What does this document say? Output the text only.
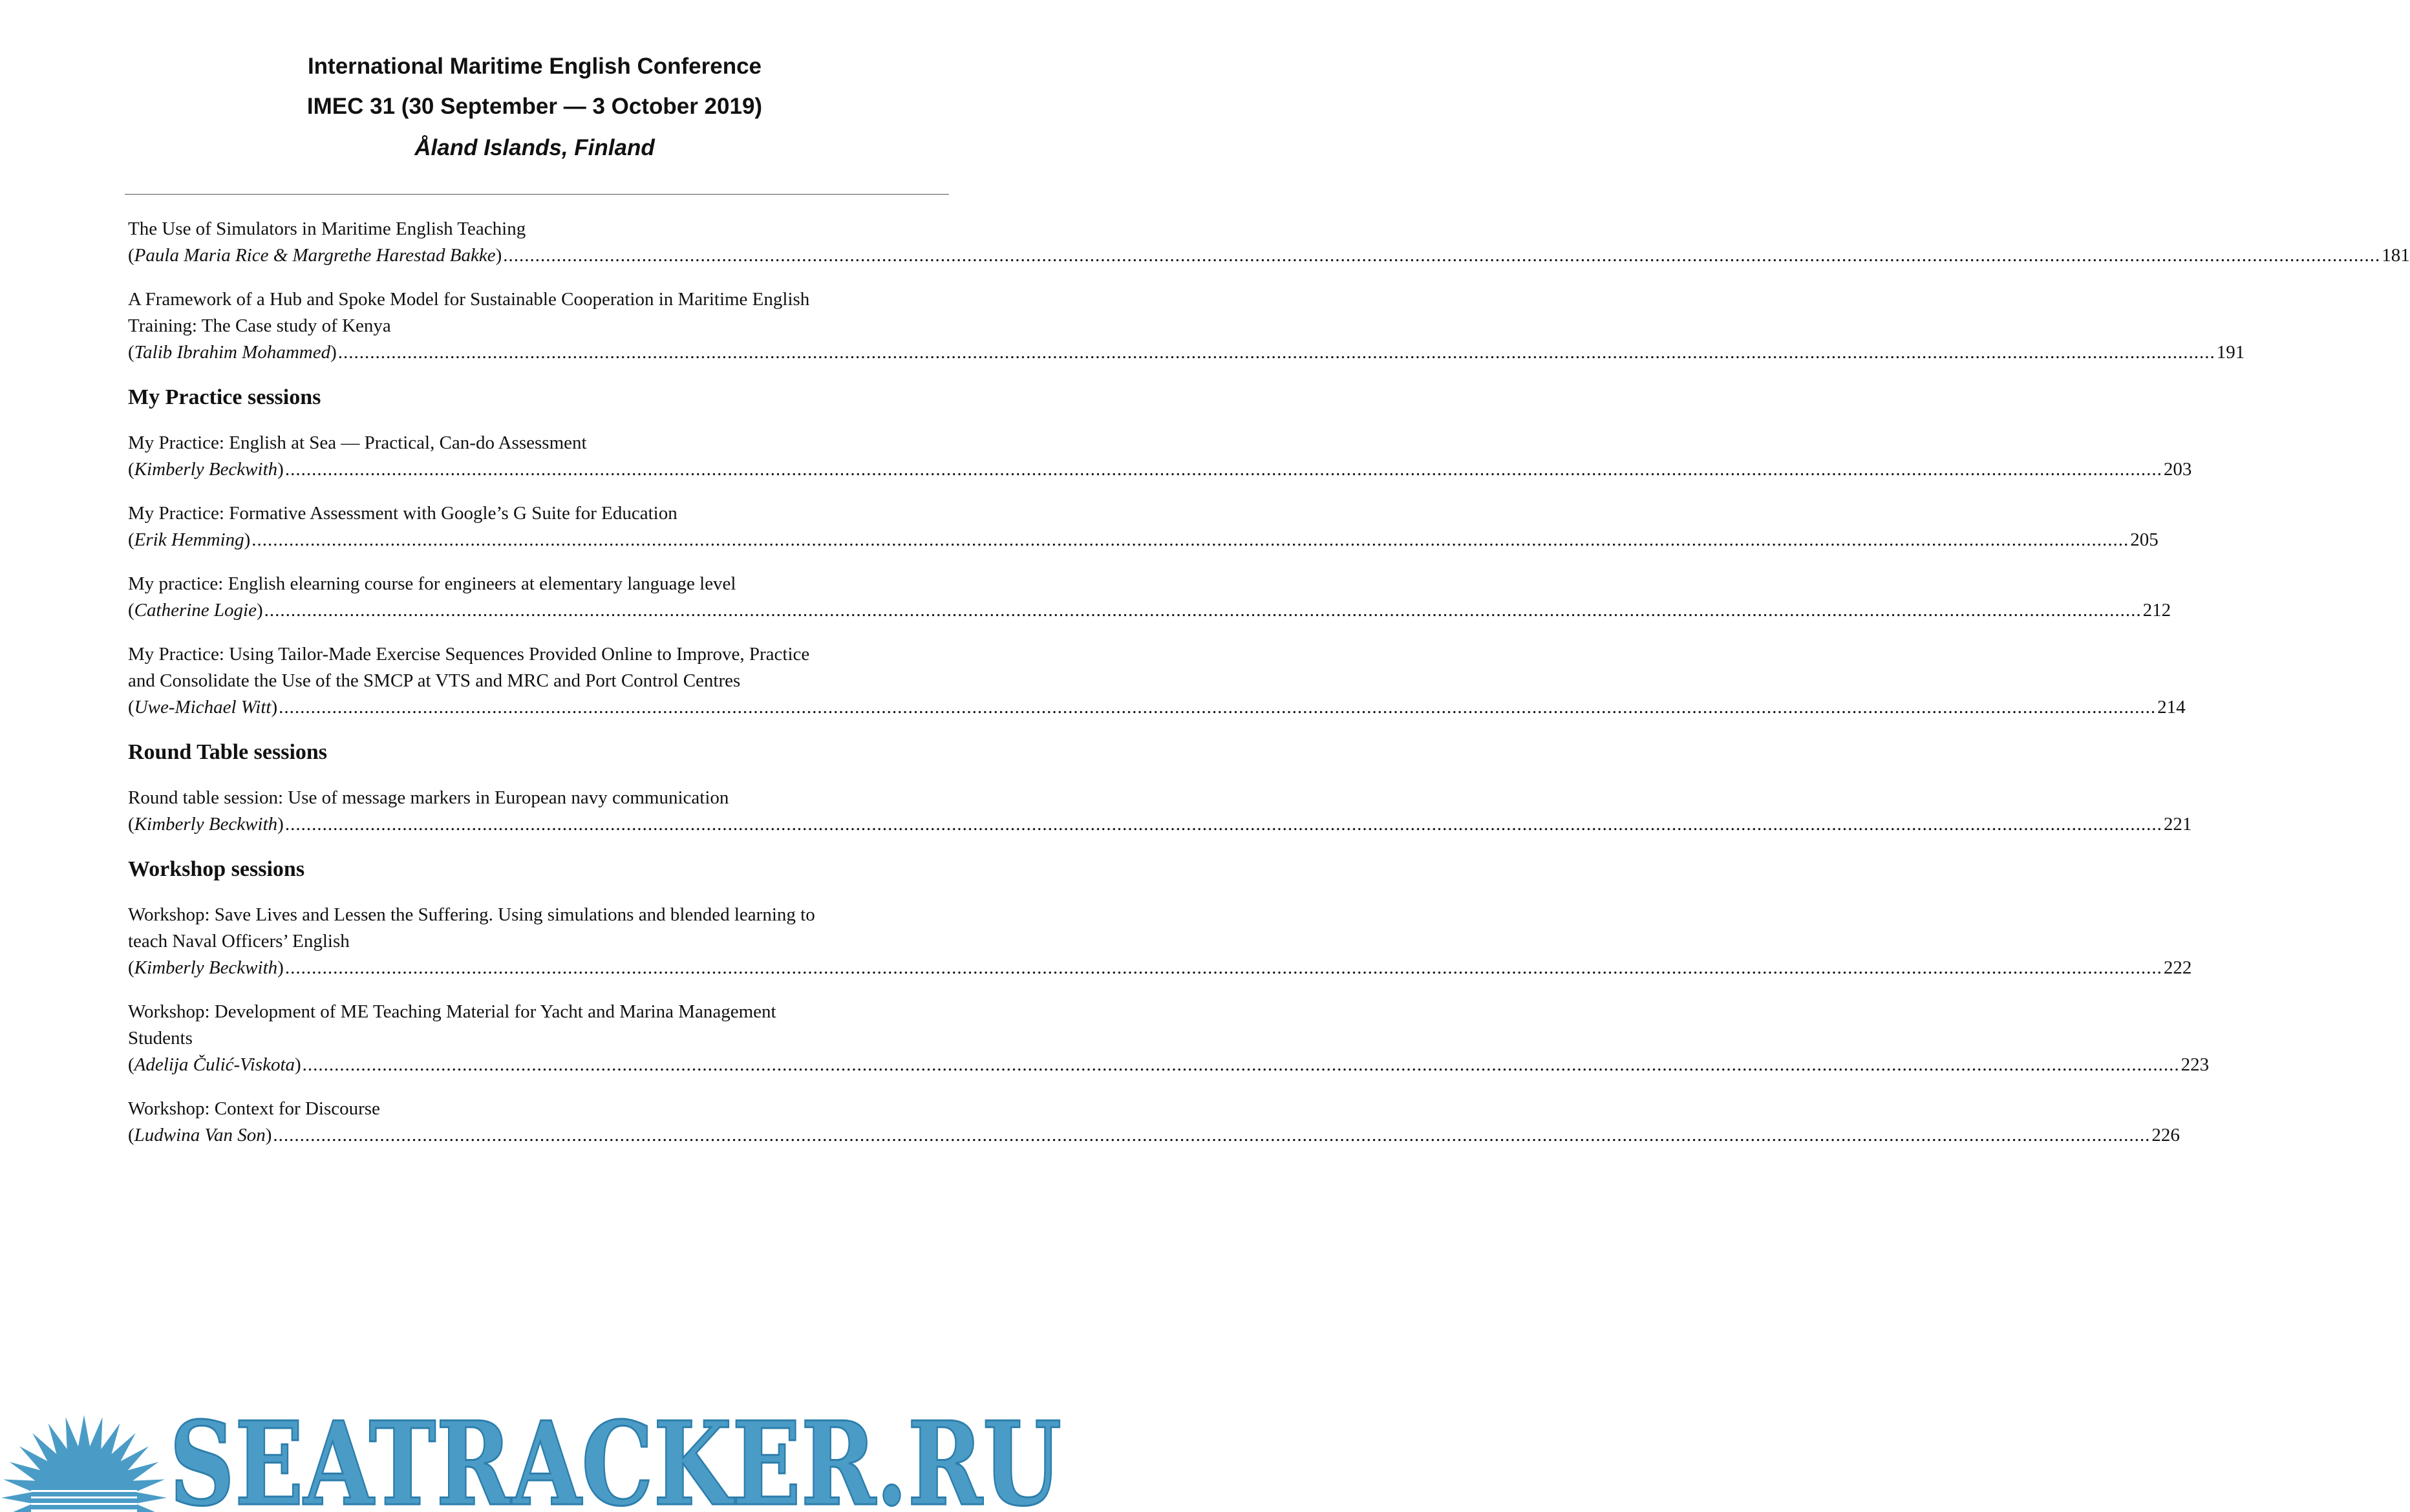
International Maritime English Conference

IMEC 31 (30 September — 3 October 2019)

Åland Islands, Finland

The Use of Simulators in Maritime English Teaching
( Paula Maria Rice & Margrethe Harestad Bakke ) .....	181
A Framework of a Hub and Spoke Model for Sustainable Cooperation in Maritime English Training: The Case study of Kenya
( Talib Ibrahim Mohammed ) .....	191
My Practice sessions
My Practice: English at Sea — Practical, Can-do Assessment
( Kimberly Beckwith ) .....	203
My Practice: Formative Assessment with Google’s G Suite for Education
( Erik Hemming ) .....	205
My practice: English elearning course for engineers at elementary language level
( Catherine Logie ) .....	212
My Practice: Using Tailor-Made Exercise Sequences Provided Online to Improve, Practice and Consolidate the Use of the SMCP at VTS and MRC and Port Control Centres
( Uwe-Michael Witt ) .....	214
Round Table sessions
Round table session: Use of message markers in European navy communication
( Kimberly Beckwith ) .....	221
Workshop sessions
Workshop: Save Lives and Lessen the Suffering. Using simulations and blended learning to teach Naval Officers’ English
( Kimberly Beckwith ) .....	222
Workshop: Development of ME Teaching Material for Yacht and Marina Management Students
( Adelija Čulić-Viskota ) .....	223
Workshop: Context for Discourse
( Ludwina Van Son ) .....	226
SEATRACKER.RU
